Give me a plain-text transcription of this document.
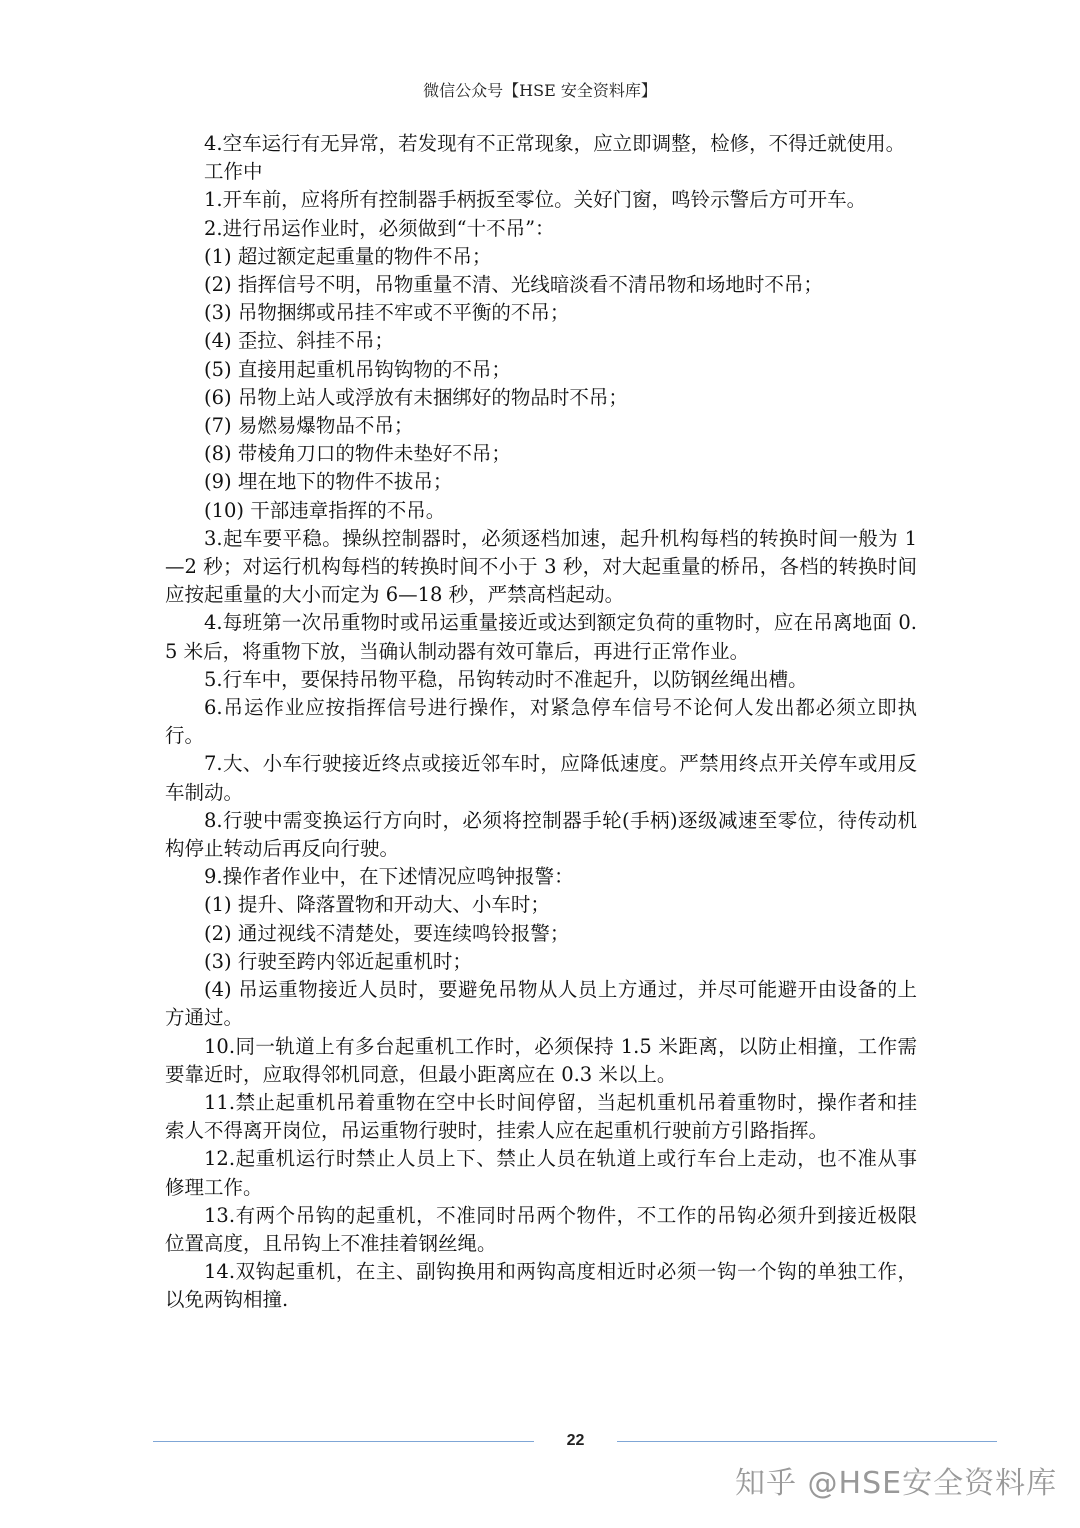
微信公众号【HSE 安全资料库】

4.空车运行有无异常，若发现有不正常现象，应立即调整，检修，不得迁就使用。

工作中

1.开车前，应将所有控制器手柄扳至零位。关好门窗，鸣铃示警后方可开车。

2.进行吊运作业时，必须做到“十不吊”：

(1) 超过额定起重量的物件不吊；

(2) 指挥信号不明，吊物重量不清、光线暗淡看不清吊物和场地时不吊；

(3) 吊物捆绑或吊挂不牢或不平衡的不吊；

(4) 歪拉、斜挂不吊；

(5) 直接用起重机吊钩钩物的不吊；

(6) 吊物上站人或浮放有未捆绑好的物品时不吊；

(7) 易燃易爆物品不吊；

(8) 带棱角刀口的物件未垫好不吊；

(9) 埋在地下的物件不拔吊；

(10) 干部违章指挥的不吊。

3.起车要平稳。操纵控制器时，必须逐档加速，起升机构每档的转换时间一般为 1—2 秒；对运行机构每档的转换时间不小于 3 秒，对大起重量的桥吊，各档的转换时间应按起重量的大小而定为 6—18 秒，严禁高档起动。

4.每班第一次吊重物时或吊运重量接近或达到额定负荷的重物时，应在吊离地面 0.5 米后，将重物下放，当确认制动器有效可靠后，再进行正常作业。

5.行车中，要保持吊物平稳，吊钩转动时不准起升，以防钢丝绳出槽。

6.吊运作业应按指挥信号进行操作，对紧急停车信号不论何人发出都必须立即执行。

7.大、小车行驶接近终点或接近邻车时，应降低速度。严禁用终点开关停车或用反车制动。

8.行驶中需变换运行方向时，必须将控制器手轮(手柄)逐级减速至零位，待传动机构停止转动后再反向行驶。

9.操作者作业中，在下述情况应鸣钟报警：

(1) 提升、降落置物和开动大、小车时；

(2) 通过视线不清楚处，要连续鸣铃报警；

(3) 行驶至跨内邻近起重机时；

(4) 吊运重物接近人员时，要避免吊物从人员上方通过，并尽可能避开由设备的上方通过。

10.同一轨道上有多台起重机工作时，必须保持 1.5 米距离，以防止相撞，工作需要靠近时，应取得邻机同意，但最小距离应在 0.3 米以上。

11.禁止起重机吊着重物在空中长时间停留，当起机重机吊着重物时，操作者和挂索人不得离开岗位，吊运重物行驶时，挂索人应在起重机行驶前方引路指挥。

12.起重机运行时禁止人员上下、禁止人员在轨道上或行车台上走动，也不准从事修理工作。

13.有两个吊钩的起重机，不准同时吊两个物件，不工作的吊钩必须升到接近极限位置高度，且吊钩上不准挂着钢丝绳。

14.双钩起重机，在主、副钩换用和两钩高度相近时必须一钩一个钩的单独工作，以免两钩相撞.

22
知乎 @HSE安全资料库
